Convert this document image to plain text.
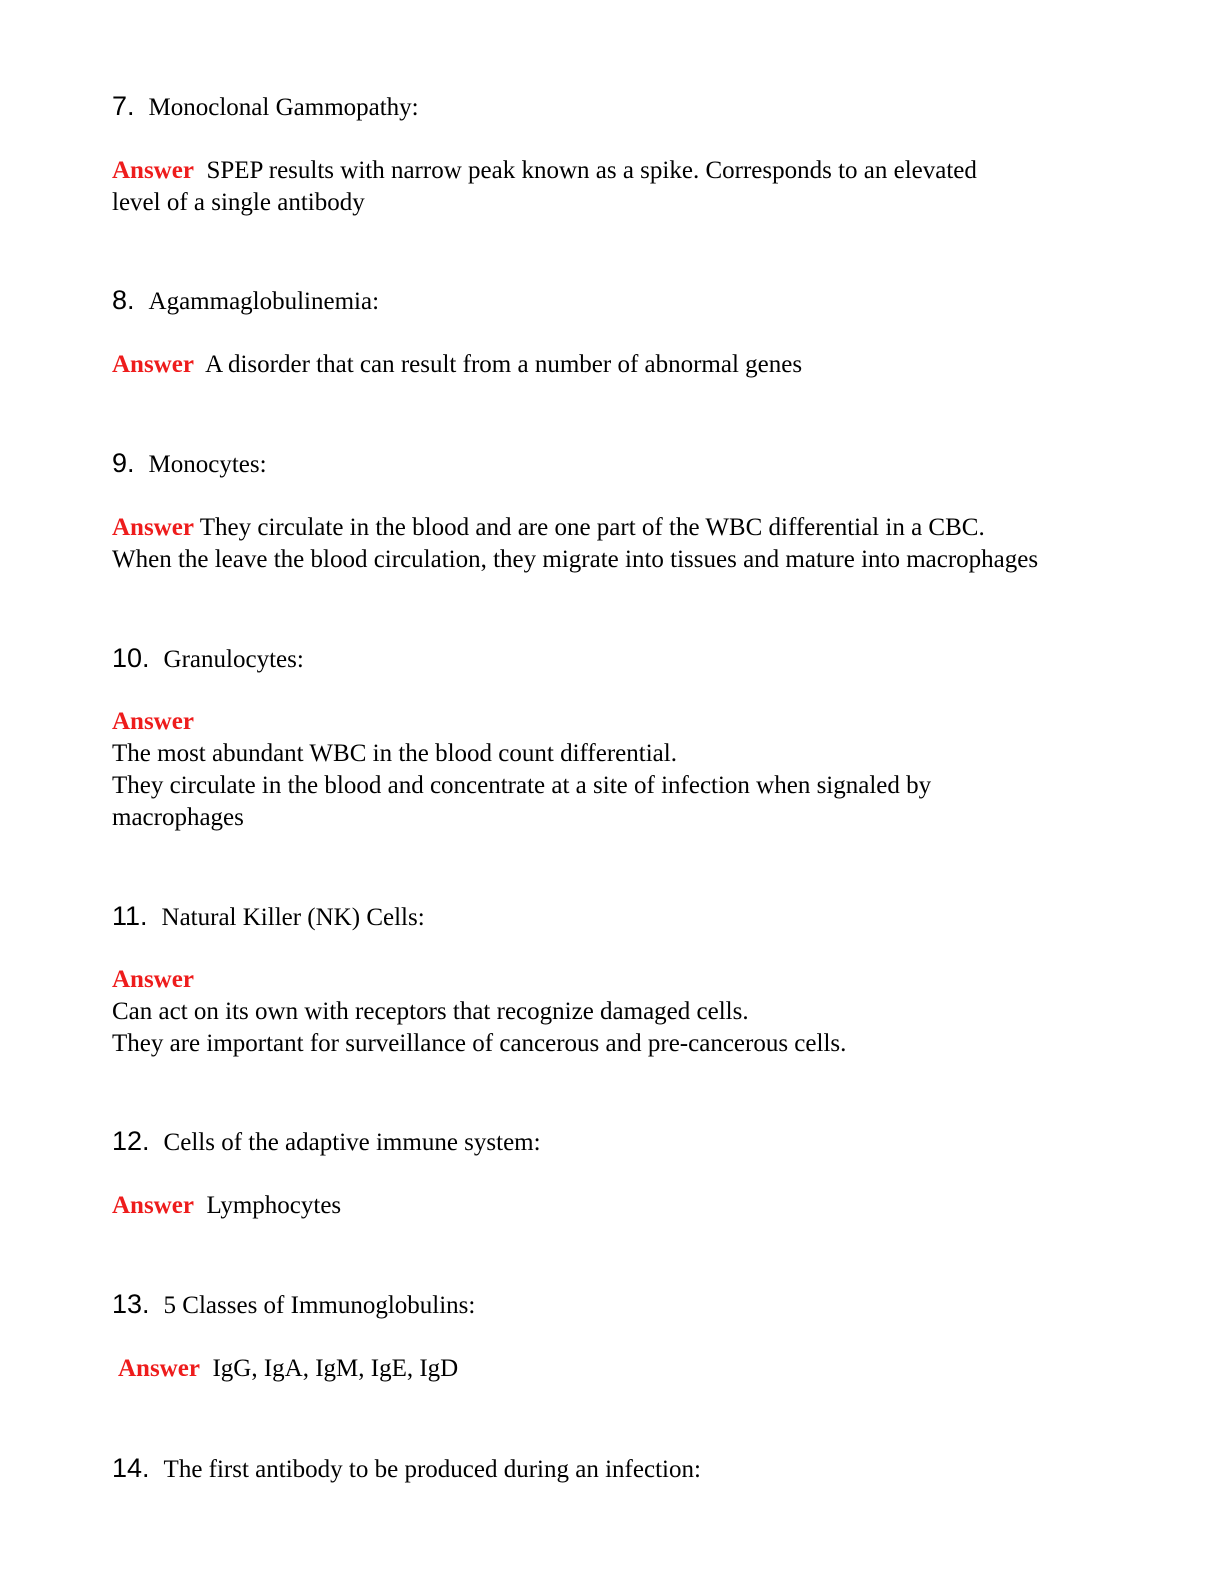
7. Monoclonal Gammopathy:
Answer SPEP results with narrow peak known as a spike. Corresponds to an elevated
level of a single antibody
8. Agammaglobulinemia:
Answer A disorder that can result from a number of abnormal genes
9. Monocytes:
Answer They circulate in the blood and are one part of the WBC differential in a CBC.
When the leave the blood circulation, they migrate into tissues and mature into macrophages
10. Granulocytes:
Answer
The most abundant WBC in the blood count differential.
They circulate in the blood and concentrate at a site of infection when signaled by
macrophages
11. Natural Killer (NK) Cells:
Answer
Can act on its own with receptors that recognize damaged cells.
They are important for surveillance of cancerous and pre-cancerous cells.
12. Cells of the adaptive immune system:
Answer Lymphocytes
13. 5 Classes of Immunoglobulins:
Answer IgG, IgA, IgM, IgE, IgD
14. The first antibody to be produced during an infection:
